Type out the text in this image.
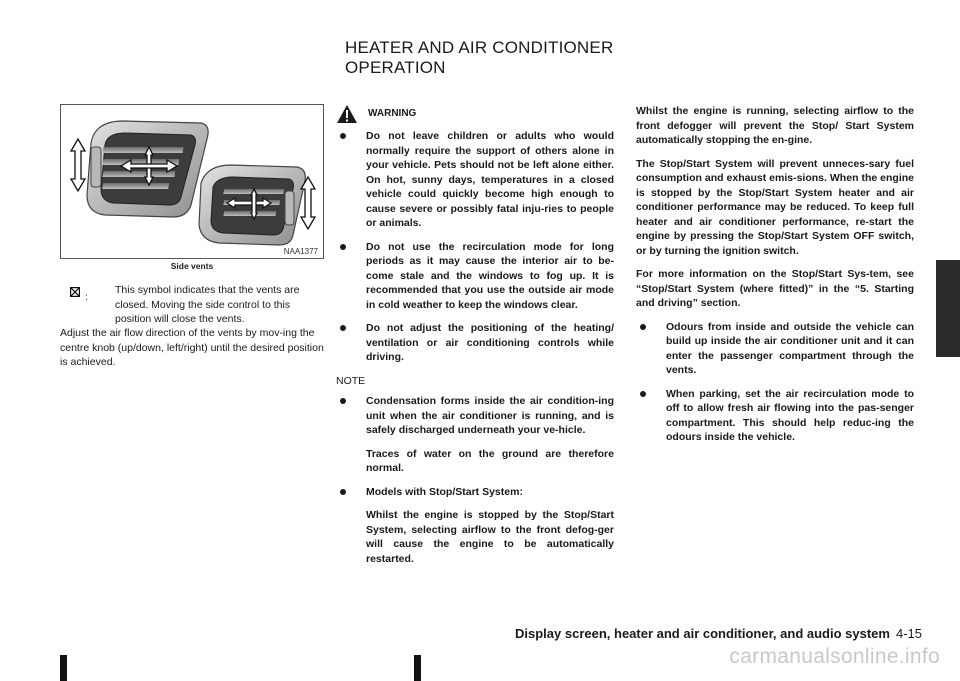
HEATER AND AIR CONDITIONER
OPERATION
NAA1377
Side vents
:
This symbol indicates that the vents are closed. Moving the side control to this position will close the vents.
Adjust the air flow direction of the vents by mov-ing the centre knob (up/down, left/right) until the desired position is achieved.
WARNING
Do not leave children or adults who would normally require the support of others alone in your vehicle. Pets should not be left alone either. On hot, sunny days, temperatures in a closed vehicle could quickly become high enough to cause severe or possibly fatal inju-ries to people or animals.
Do not use the recirculation mode for long periods as it may cause the interior air to be-come stale and the windows to fog up. It is recommended that you use the outside air mode in cold weather to keep the windows clear.
Do not adjust the positioning of the heating/ ventilation or air conditioning controls while driving.
NOTE
Condensation forms inside the air condition-ing unit when the air conditioner is running, and is safely discharged underneath your ve-hicle.
Traces of water on the ground are therefore normal.
Models with Stop/Start System:
Whilst the engine is stopped by the Stop/Start System, selecting airflow to the front defog-ger will cause the engine to be automatically restarted.
Whilst the engine is running, selecting airflow to the front defogger will prevent the Stop/ Start System automatically stopping the en-gine.
The Stop/Start System will prevent unneces-sary fuel consumption and exhaust emis-sions. When the engine is stopped by the Stop/Start System heater and air conditioner performance may be reduced. To keep full heater and air conditioner performance, re-start the engine by pressing the Stop/Start System OFF switch, or by turning the ignition switch.
For more information on the Stop/Start Sys-tem, see “Stop/Start System (where fitted)” in the “5. Starting and driving” section.
Odours from inside and outside the vehicle can build up inside the air conditioner unit and it can enter the passenger compartment through the vents.
When parking, set the air recirculation mode to off to allow fresh air flowing into the pas-senger compartment. This should help reduc-ing the odours inside the vehicle.
Display screen, heater and air conditioner, and audio system 4-15
carmanualsonline.info
